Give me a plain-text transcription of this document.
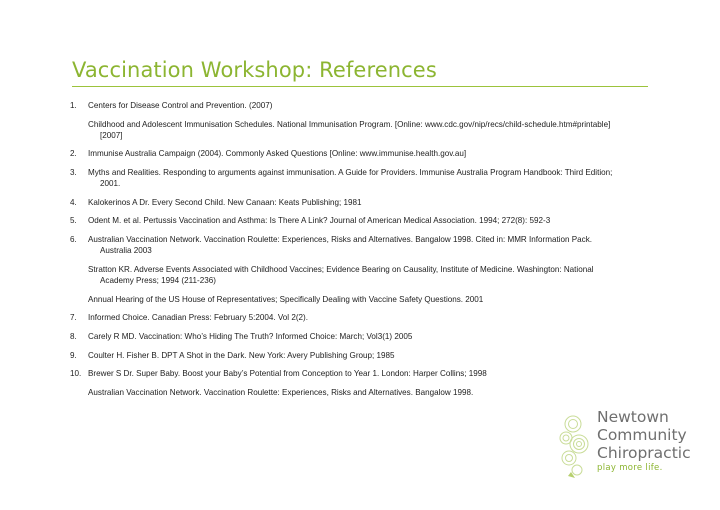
Vaccination Workshop: References
1. Centers for Disease Control and Prevention. (2007)
Childhood and Adolescent Immunisation Schedules. National Immunisation Program. [Online: www.cdc.gov/nip/recs/child-schedule.htm#printable]
[2007]
2. Immunise Australia Campaign (2004). Commonly Asked Questions [Online: www.immunise.health.gov.au]
3. Myths and Realities. Responding to arguments against immunisation. A Guide for Providers. Immunise Australia Program Handbook: Third Edition;
2001.
4. Kalokerinos A Dr. Every Second Child. New Canaan: Keats Publishing; 1981
5. Odent M. et al. Pertussis Vaccination and Asthma: Is There A Link? Journal of American Medical Association. 1994; 272(8): 592-3
6. Australian Vaccination Network. Vaccination Roulette: Experiences, Risks and Alternatives. Bangalow 1998. Cited in: MMR Information Pack.
Australia 2003
Stratton KR. Adverse Events Associated with Childhood Vaccines; Evidence Bearing on Causality, Institute of Medicine. Washington: National
Academy Press; 1994 (211-236)
Annual Hearing of the US House of Representatives; Specifically Dealing with Vaccine Safety Questions. 2001
7. Informed Choice. Canadian Press: February 5:2004. Vol 2(2).
8. Carely R MD. Vaccination: Who’s Hiding The Truth? Informed Choice: March; Vol3(1) 2005
9. Coulter H. Fisher B. DPT A Shot in the Dark. New York: Avery Publishing Group; 1985
10. Brewer S Dr. Super Baby. Boost your Baby’s Potential from Conception to Year 1. London: Harper Collins; 1998
Australian Vaccination Network. Vaccination Roulette: Experiences, Risks and Alternatives. Bangalow 1998.
Newtown
Community
Chiropractic
play more life.
